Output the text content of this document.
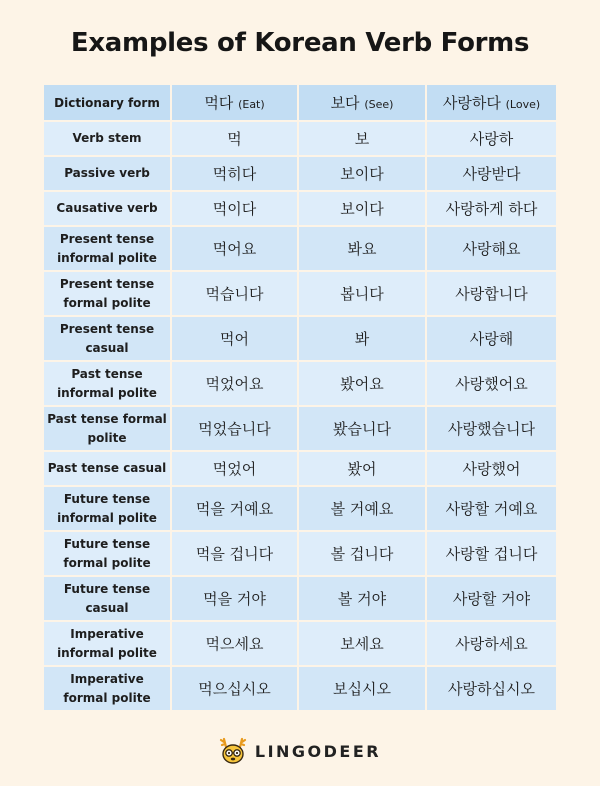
Examples of Korean Verb Forms
Dictionary form	먹다 (Eat)	보다 (See)	사랑하다 (Love)
Verb stem	먹	보	사랑하
Passive verb	먹히다	보이다	사랑받다
Causative verb	먹이다	보이다	사랑하게 하다
Present tense informal polite	먹어요	봐요	사랑해요
Present tense formal polite	먹습니다	봅니다	사랑합니다
Present tense casual	먹어	봐	사랑해
Past tense informal polite	먹었어요	봤어요	사랑했어요
Past tense formal polite	먹었습니다	봤습니다	사랑했습니다
Past tense casual	먹었어	봤어	사랑했어
Future tense informal polite	먹을 거예요	볼 거예요	사랑할 거예요
Future tense formal polite	먹을 겁니다	볼 겁니다	사랑할 겁니다
Future tense casual	먹을 거야	볼 거야	사랑할 거야
Imperative informal polite	먹으세요	보세요	사랑하세요
Imperative formal polite	먹으십시오	보십시오	사랑하십시오
LINGODEER
